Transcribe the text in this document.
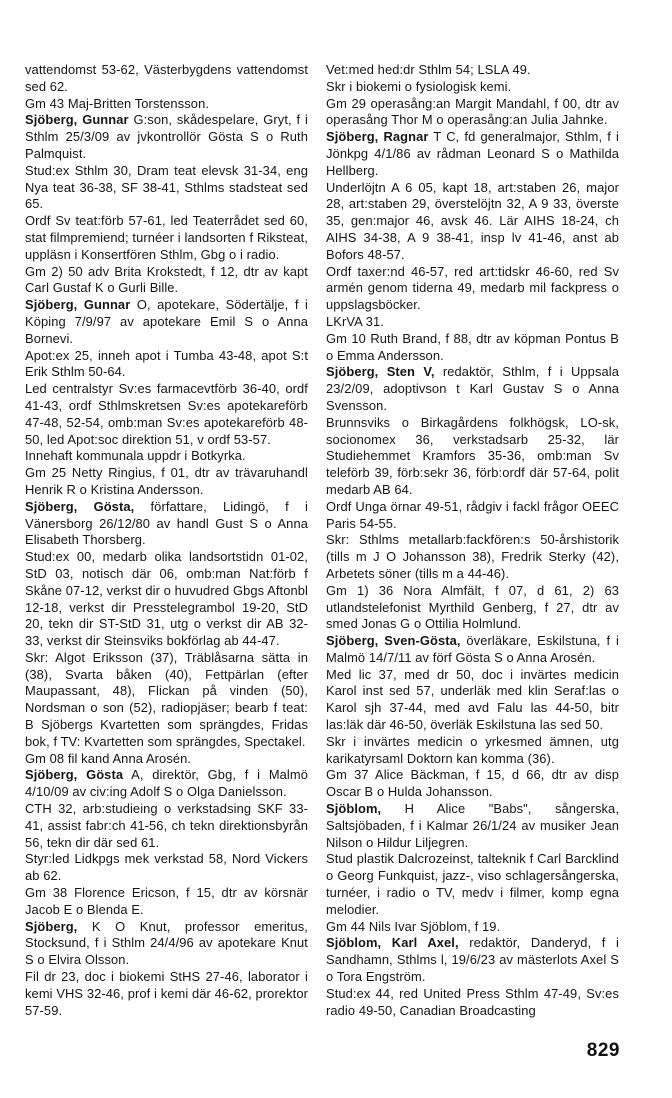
vattendomst 53-62, Västerbygdens vattendomst sed 62.

Gm 43 Maj-Britten Torstensson.

Sjöberg, Gunnar G:son, skådespelare, Gryt, f i Sthlm 25/3/09 av jvkontrollör Gösta S o Ruth Palmquist.

Stud:ex Sthlm 30, Dram teat elevsk 31-34, eng Nya teat 36-38, SF 38-41, Sthlms stadsteat sed 65.

Ordf Sv teat:förb 57-61, led Teaterrådet sed 60, stat filmpremiend; turnéer i landsorten f Riksteat, uppläsn i Konsertfören Sthlm, Gbg o i radio.

Gm 2) 50 adv Brita Krokstedt, f 12, dtr av kapt Carl Gustaf K o Gurli Bille.

Sjöberg, Gunnar O, apotekare, Södertälje, f i Köping 7/9/97 av apotekare Emil S o Anna Bornevi.

Apot:ex 25, inneh apot i Tumba 43-48, apot S:t Erik Sthlm 50-64.

Led centralstyr Sv:es farmacevtförb 36-40, ordf 41-43, ordf Sthlmskretsen Sv:es apotekareförb 47-48, 52-54, omb:man Sv:es apotekareförb 48-50, led Apot:soc direktion 51, v ordf 53-57.

Innehaft kommunala uppdr i Botkyrka.

Gm 25 Netty Ringius, f 01, dtr av trävaruhandl Henrik R o Kristina Andersson.

Sjöberg, Gösta, författare, Lidingö, f i Vänersborg 26/12/80 av handl Gust S o Anna Elisabeth Thorsberg.

Stud:ex 00, medarb olika landsortstidn 01-02, StD 03, notisch där 06, omb:man Nat:förb f Skåne 07-12, verkst dir o huvudred Gbgs Aftonbl 12-18, verkst dir Presstelegrambol 19-20, StD 20, tekn dir ST-StD 31, utg o verkst dir AB 32-33, verkst dir Steinsviks bokförlag ab 44-47.

Skr: Algot Eriksson (37), Träblåsarna sätta in (38), Svarta båken (40), Fettpärlan (efter Maupassant, 48), Flickan på vinden (50), Nordsman o son (52), radiopjäser; bearb f teat: B Sjöbergs Kvartetten som sprängdes, Fridas bok, f TV: Kvartetten som sprängdes, Spectakel.

Gm 08 fil kand Anna Arosén.

Sjöberg, Gösta A, direktör, Gbg, f i Malmö 4/10/09 av civ:ing Adolf S o Olga Danielsson.

CTH 32, arb:studieing o verkstadsing SKF 33-41, assist fabr:ch 41-56, ch tekn direktionsbyrån 56, tekn dir där sed 61.

Styr:led Lidkpgs mek verkstad 58, Nord Vickers ab 62.

Gm 38 Florence Ericson, f 15, dtr av körsnär Jacob E o Blenda E.

Sjöberg, K O Knut, professor emeritus, Stocksund, f i Sthlm 24/4/96 av apotekare Knut S o Elvira Olsson.

Fil dr 23, doc i biokemi StHS 27-46, laborator i kemi VHS 32-46, prof i kemi där 46-62, prorektor 57-59.

Vet:med hed:dr Sthlm 54; LSLA 49.

Skr i biokemi o fysiologisk kemi.

Gm 29 operasång:an Margit Mandahl, f 00, dtr av operasång Thor M o operasång:an Julia Jahnke.

Sjöberg, Ragnar T C, fd generalmajor, Sthlm, f i Jönkpg 4/1/86 av rådman Leonard S o Mathilda Hellberg.

Underlöjtn A 6 05, kapt 18, art:staben 26, major 28, art:staben 29, överstelöjtn 32, A 9 33, överste 35, gen:major 46, avsk 46. Lär AIHS 18-24, ch AIHS 34-38, A 9 38-41, insp lv 41-46, anst ab Bofors 48-57.

Ordf taxer:nd 46-57, red art:tidskr 46-60, red Sv armén genom tiderna 49, medarb mil fackpress o uppslagsböcker.

LKrVA 31.

Gm 10 Ruth Brand, f 88, dtr av köpman Pontus B o Emma Andersson.

Sjöberg, Sten V, redaktör, Sthlm, f i Uppsala 23/2/09, adoptivson t Karl Gustav S o Anna Svensson.

Brunnsviks o Birkagårdens folkhögsk, LO-sk, socionomex 36, verkstadsarb 25-32, lär Studiehemmet Kramfors 35-36, omb:man Sv teleförb 39, förb:sekr 36, förb:ordf där 57-64, polit medarb AB 64.

Ordf Unga örnar 49-51, rådgiv i fackl frågor OEEC Paris 54-55.

Skr: Sthlms metallarb:fackfören:s 50-årshistorik (tills m J O Johansson 38), Fredrik Sterky (42), Arbetets söner (tills m a 44-46).

Gm 1) 36 Nora Almfält, f 07, d 61, 2) 63 utlandstelefonist Myrthild Genberg, f 27, dtr av smed Jonas G o Ottilia Holmlund.

Sjöberg, Sven-Gösta, överläkare, Eskilstuna, f i Malmö 14/7/11 av förf Gösta S o Anna Arosén.

Med lic 37, med dr 50, doc i invärtes medicin Karol inst sed 57, underläk med klin Seraf:las o Karol sjh 37-44, med avd Falu las 44-50, bitr las:läk där 46-50, överläk Eskilstuna las sed 50.

Skr i invärtes medicin o yrkesmed ämnen, utg karikatyrsaml Doktorn kan komma (36).

Gm 37 Alice Bäckman, f 15, d 66, dtr av disp Oscar B o Hulda Johansson.

Sjöblom, H Alice "Babs", sångerska, Saltsjöbaden, f i Kalmar 26/1/24 av musiker Jean Nilson o Hildur Liljegren.

Stud plastik Dalcrozeinst, talteknik f Carl Barcklind o Georg Funkquist, jazz-, viso schlagersångerska, turnéer, i radio o TV, medv i filmer, komp egna melodier.

Gm 44 Nils Ivar Sjöblom, f 19.

Sjöblom, Karl Axel, redaktör, Danderyd, f i Sandhamn, Sthlms l, 19/6/23 av mästerlots Axel S o Tora Engström.

Stud:ex 44, red United Press Sthlm 47-49, Sv:es radio 49-50, Canadian Broadcasting

829
